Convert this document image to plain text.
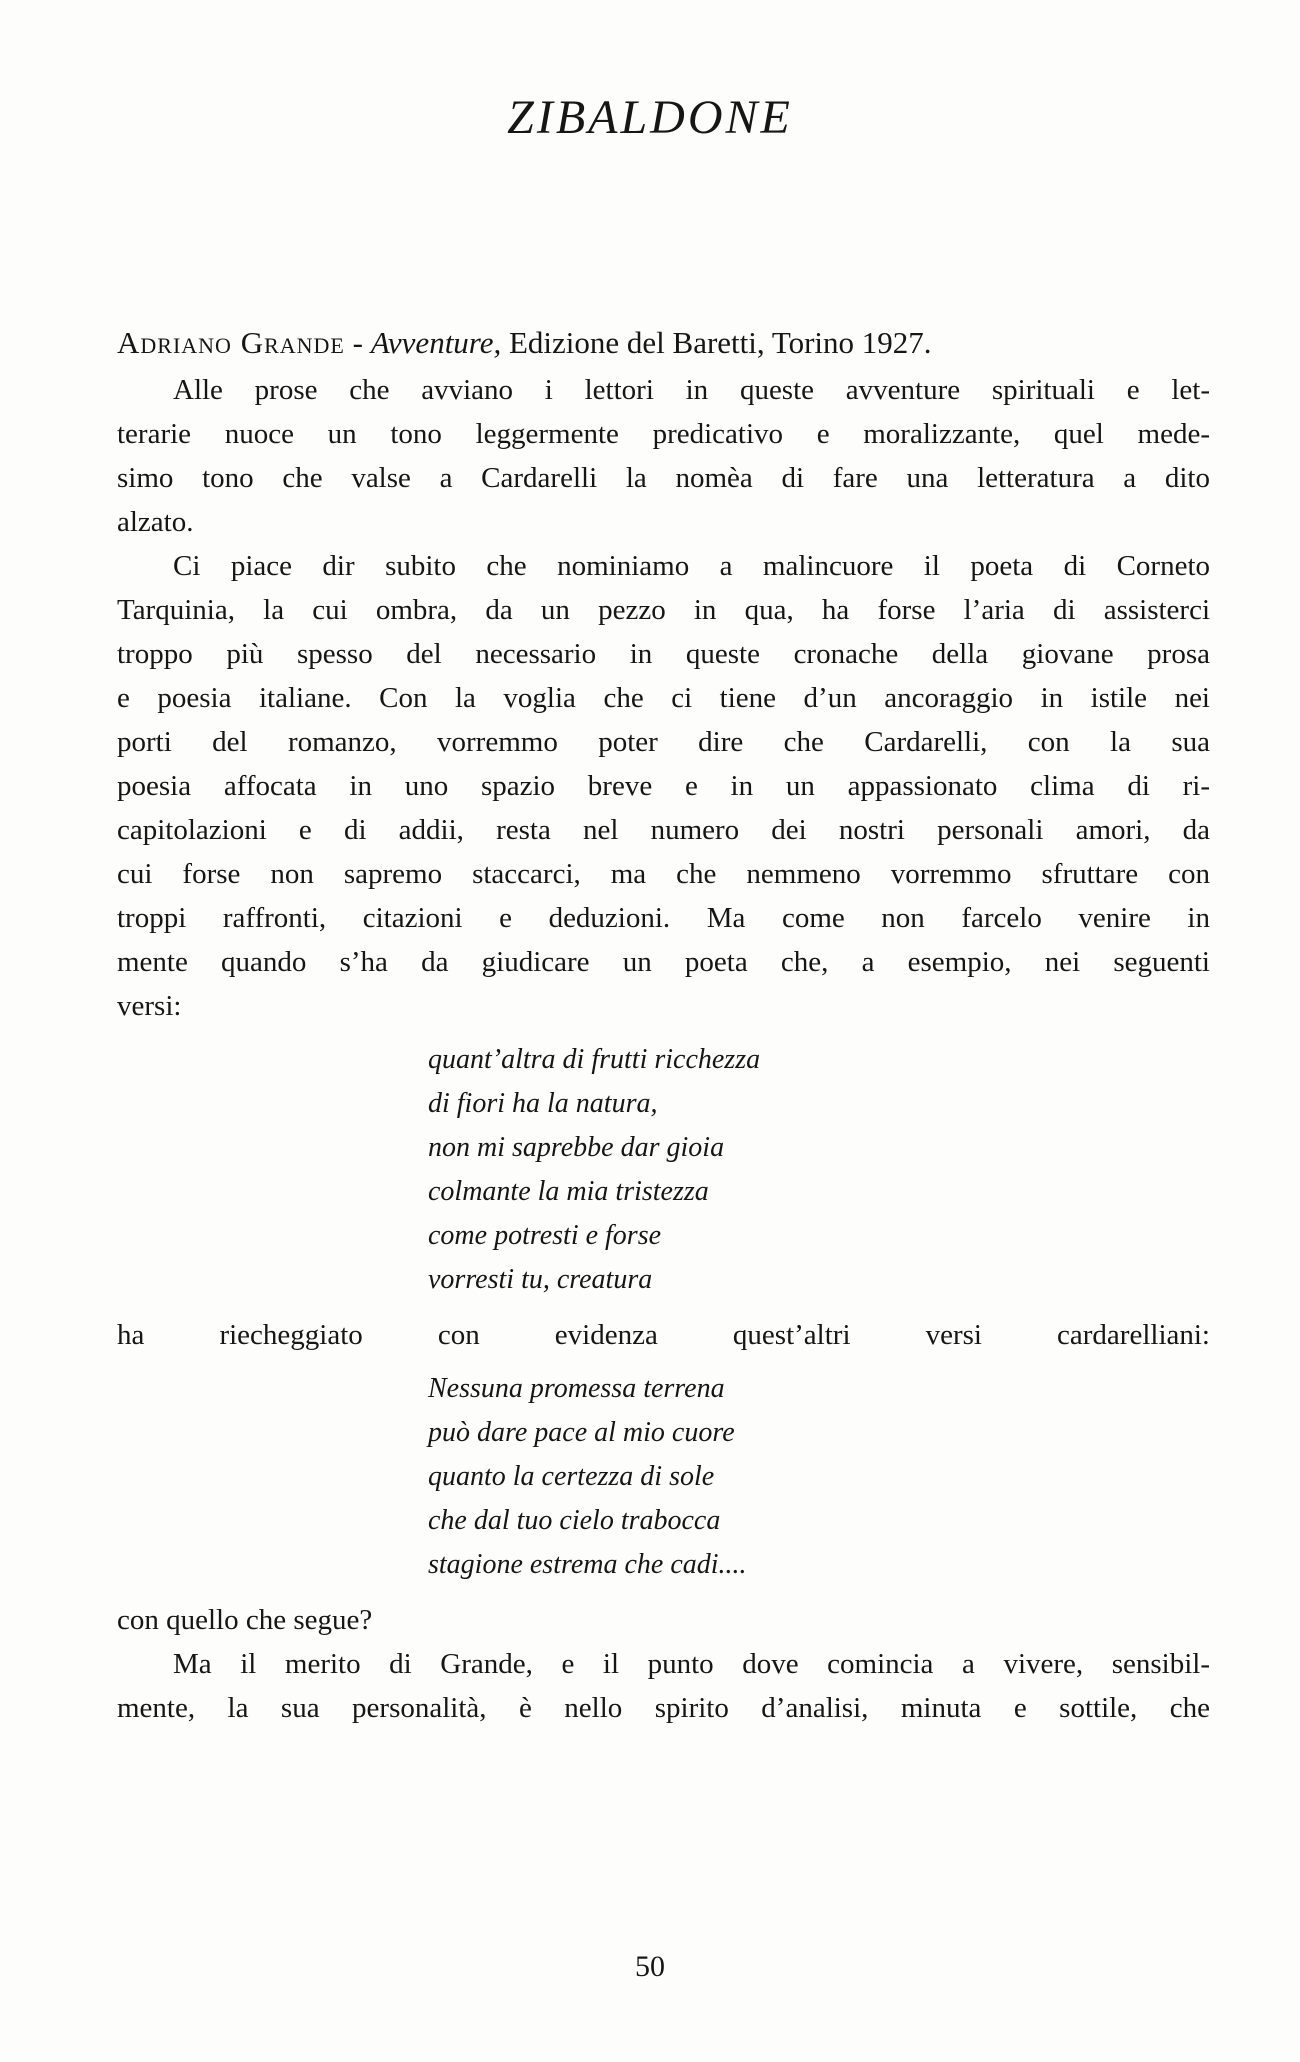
ZIBALDONE
Adriano Grande - Avventure, Edizione del Baretti, Torino 1927.
Alle prose che avviano i lettori in queste avventure spirituali e let-
terarie nuoce un tono leggermente predicativo e moralizzante, quel mede-
simo tono che valse a Cardarelli la nomèa di fare una letteratura a dito
alzato.
Ci piace dir subito che nominiamo a malincuore il poeta di Corneto
Tarquinia, la cui ombra, da un pezzo in qua, ha forse l’aria di assisterci
troppo più spesso del necessario in queste cronache della giovane prosa
e poesia italiane. Con la voglia che ci tiene d’un ancoraggio in istile nei
porti del romanzo, vorremmo poter dire che Cardarelli, con la sua
poesia affocata in uno spazio breve e in un appassionato clima di ri-
capitolazioni e di addii, resta nel numero dei nostri personali amori, da
cui forse non sapremo staccarci, ma che nemmeno vorremmo sfruttare con
troppi raffronti, citazioni e deduzioni. Ma come non farcelo venire in
mente quando s’ha da giudicare un poeta che, a esempio, nei seguenti
versi:
quant’altra di frutti ricchezza
di fiori ha la natura,
non mi saprebbe dar gioia
colmante la mia tristezza
come potresti e forse
vorresti tu, creatura
ha riecheggiato con evidenza quest’altri versi cardarelliani:
Nessuna promessa terrena
può dare pace al mio cuore
quanto la certezza di sole
che dal tuo cielo trabocca
stagione estrema che cadi....
con quello che segue?
Ma il merito di Grande, e il punto dove comincia a vivere, sensibil-
mente, la sua personalità, è nello spirito d’analisi, minuta e sottile, che
50
